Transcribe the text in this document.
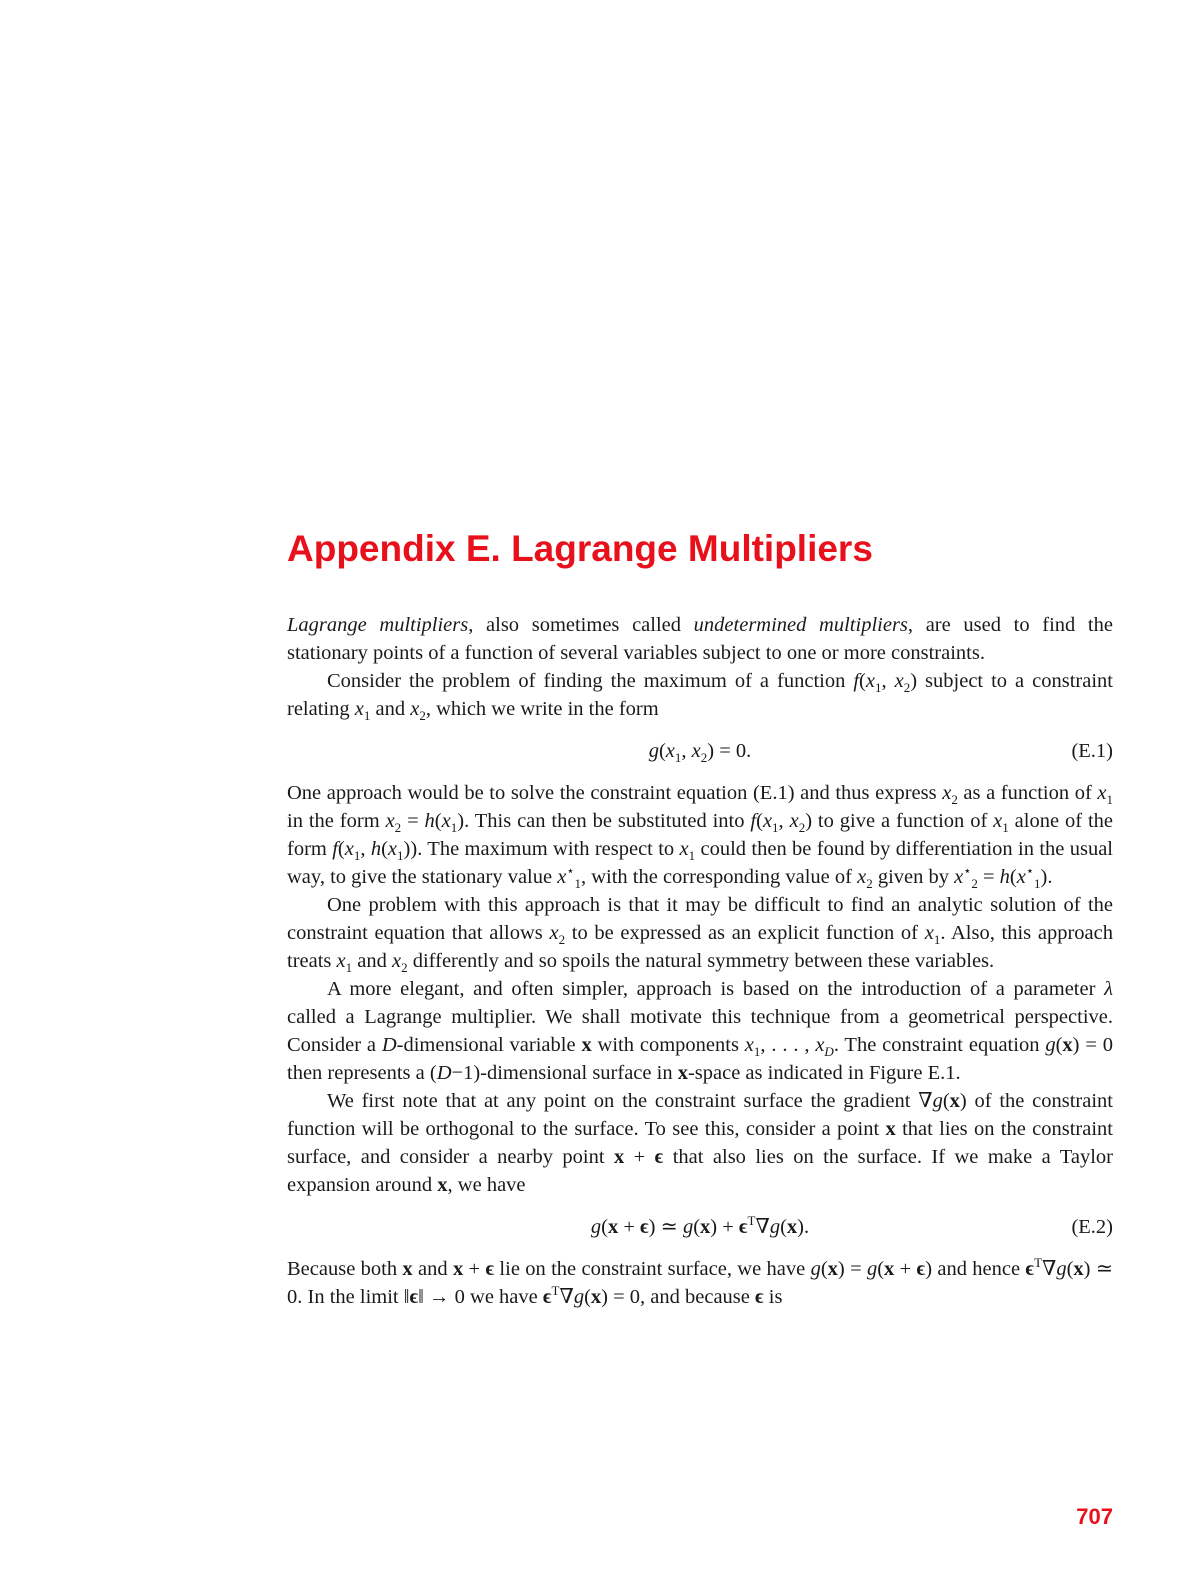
Appendix E. Lagrange Multipliers

Lagrange multipliers, also sometimes called undetermined multipliers, are used to find the stationary points of a function of several variables subject to one or more constraints.

Consider the problem of finding the maximum of a function $f(x_1$, $x_2$) subject to a constraint relating $x_1$ and $x_2$, which we write in the form

$g(x_1$, $x_2) = 0$.	(E.1)

One approach would be to solve the constraint equation (E.1) and thus express $x_2$ as a function of $x_1$ in the form $x_2 = h(x_1)$. This can then be substituted into $f(x_1$, $x_2$) to give a function of $x_1$ alone of the form $f(x_1$, $h(x_1)$). The maximum with respect to $x_1$ could then be found by differentiation in the usual way, to give the stationary value $x^⋆_1$, with the corresponding value of $x_2$ given by $x^⋆_2 = h(x^⋆_1)$.

One problem with this approach is that it may be difficult to find an analytic solution of the constraint equation that allows $x_2$ to be expressed as an explicit function of $x_1$. Also, this approach treats $x_1$ and $x_2$ differently and so spoils the natural symmetry between these variables.

A more elegant, and often simpler, approach is based on the introduction of a parameter λ called a Lagrange multiplier. We shall motivate this technique from a geometrical perspective. Consider a D-dimensional variable x with components $x_1$, . . . , $x_D$. The constraint equation g(x) = 0 then represents a (D−1)-dimensional surface in x-space as indicated in Figure E.1.

We first note that at any point on the constraint surface the gradient ∇g(x) of the constraint function will be orthogonal to the surface. To see this, consider a point x that lies on the constraint surface, and consider a nearby point x + ϵ that also lies on the surface. If we make a Taylor expansion around x, we have

g(x + ϵ) ≃ $g(x) + \epsilon^T\nabla g(x)$.	(E.2)

Because both x and x + ϵ lie on the constraint surface, we have g(x) = g(x + ϵ) and hence $\epsilon^T\nabla g(x)$ ≃ 0. In the limit ‖ϵ‖ → 0 we have $\epsilon^T\nabla g(x) = 0$, and because ϵ is

707
